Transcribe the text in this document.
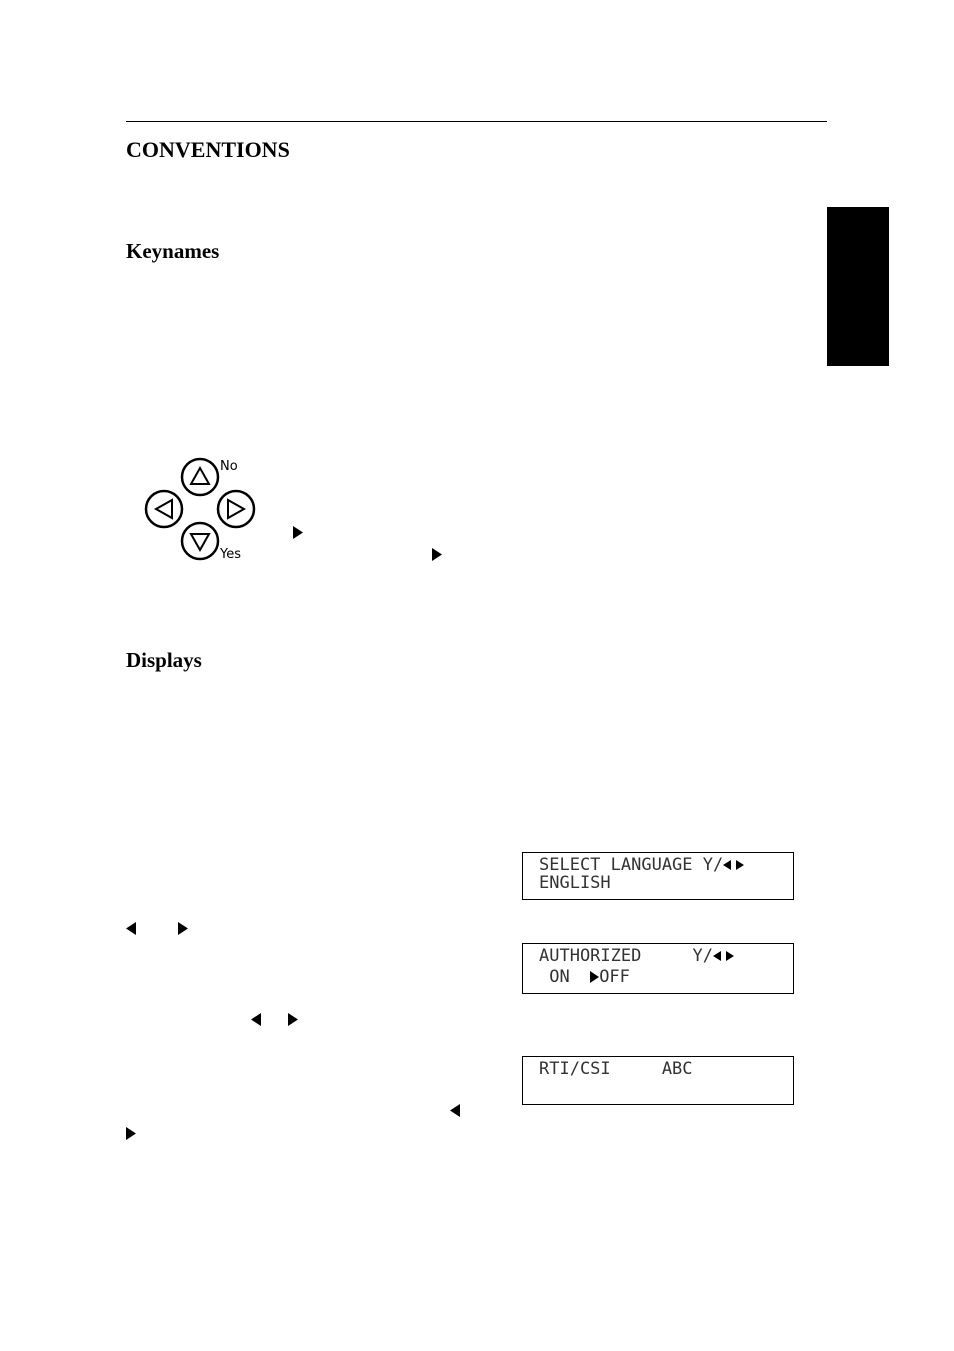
CONVENTIONS
Keynames
No
Yes
Displays
SELECT LANGUAGE Y/
ENGLISH
AUTHORIZED     Y/
ON  OFF
RTI/CSI     ABC
